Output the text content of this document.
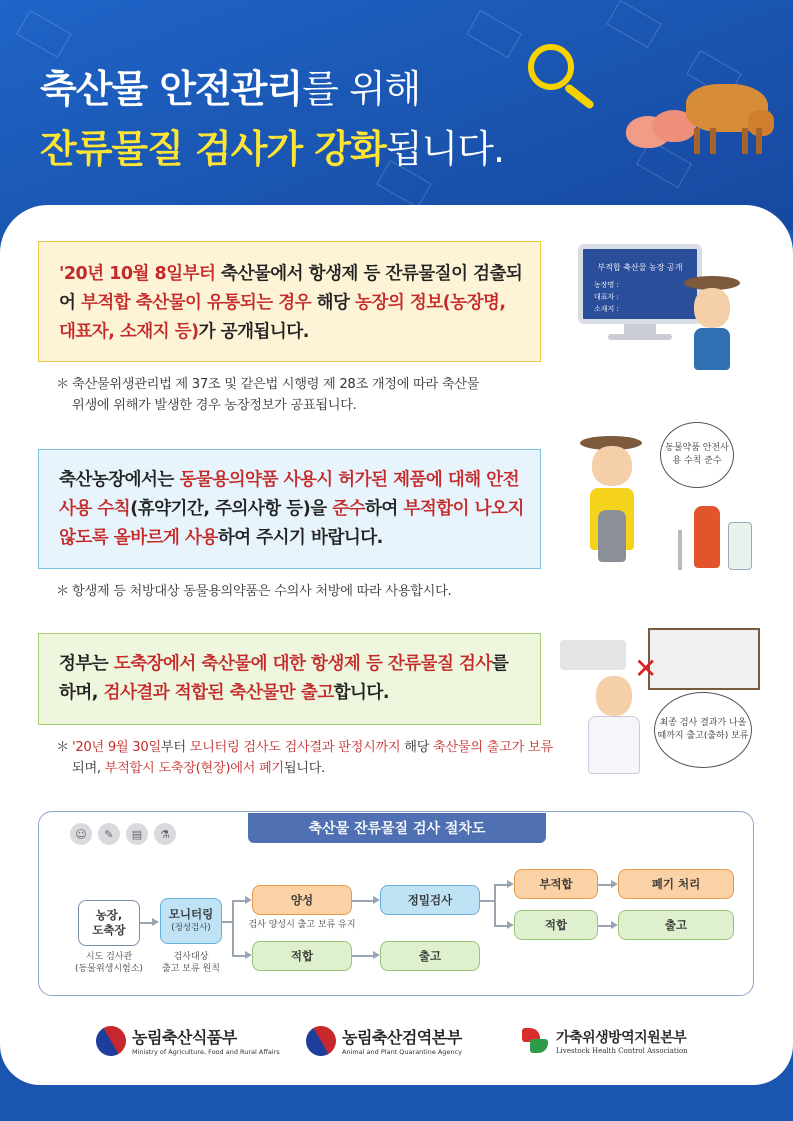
축산물 안전관리를 위해
잔류물질 검사가 강화됩니다.

'20년 10월 8일부터 축산물에서 항생제 등 잔류물질이 검출되어 부적합 축산물이 유통되는 경우 해당 농장의 정보(농장명, 대표자, 소재지 등)가 공개됩니다.

＊ 축산물위생관리법 제 37조 및 같은법 시행령 제 28조 개정에 따라 축산물
위생에 위해가 발생한 경우 농장정보가 공표됩니다.
부적합 축산물 농장 공개
농장명 :
대표자 :
소재지 :

축산농장에서는 동물용의약품 사용시 허가된 제품에 대해 안전사용 수칙(휴약기간, 주의사항 등)을 준수하여 부적합이 나오지 않도록 올바르게 사용하여 주시기 바랍니다.

＊ 항생제 등 처방대상 동물용의약품은 수의사 처방에 따라 사용합시다.
동물약품 안전사용 수칙 준수

정부는 도축장에서 축산물에 대한 항생제 등 잔류물질 검사를 하며, 검사결과 적합된 축산물만 출고합니다.

＊ '20년 9월 30일부터 모니터링 검사도 검사결과 판정시까지 해당 축산물의 출고가 보류되며, 부적합시 도축장(현장)에서 폐기됩니다.
✕
최종 검사 결과가 나올 때까지 출고(출하) 보류
축산물 잔류물질 검사 절차도
☺	✎	▤	⚗
농장,
도축장
시도 검사관
(동물위생시험소)
모니터링
(정성검사)
검사대상
출고 보류 원칙
양성
검사 양성시 출고 보류 유지
적합
정밀검사
출고
부적합	폐기 처리
적합	출고
농림축산식품부
Ministry of Agriculture, Food and Rural Affairs
농림축산검역본부
Animal and Plant Quarantine Agency
가축위생방역지원본부
Livestock Health Control Association
